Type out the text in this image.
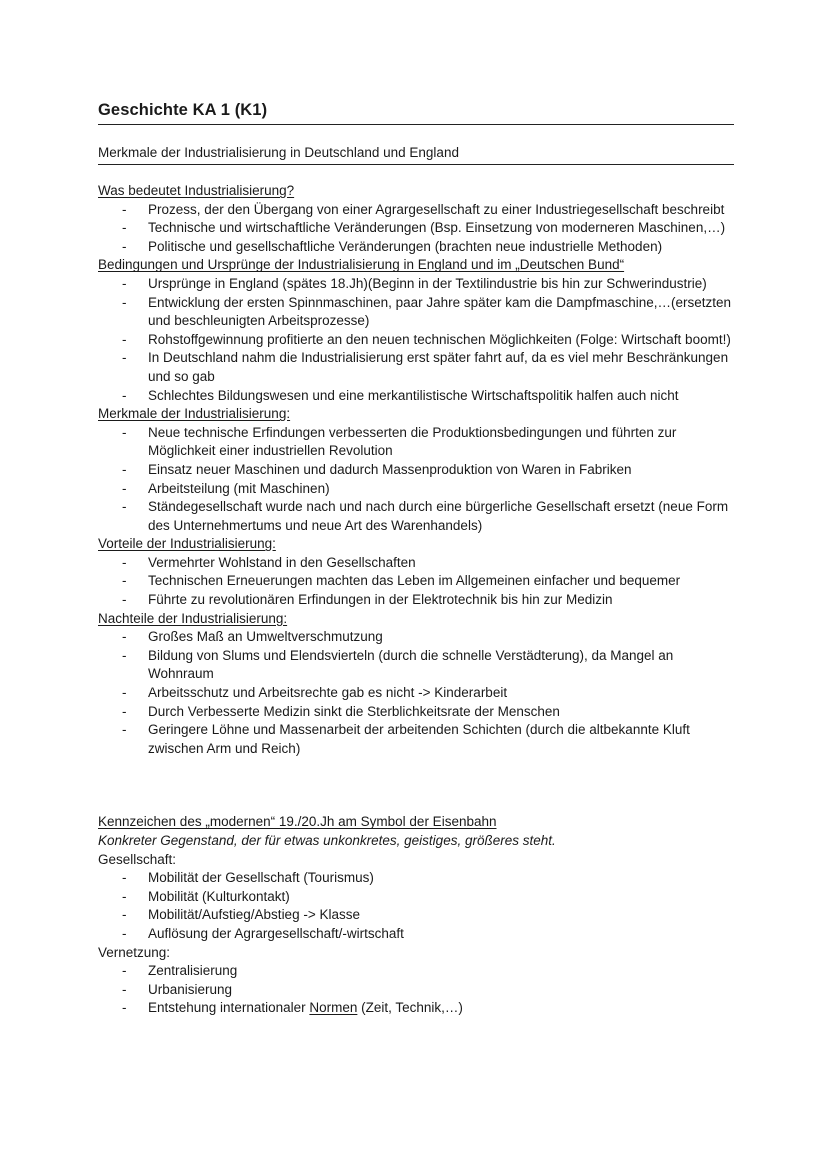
Geschichte KA 1 (K1)
Merkmale der Industrialisierung in Deutschland und England
Was bedeutet Industrialisierung?
- Prozess, der den Übergang von einer Agrargesellschaft zu einer Industriegesellschaft beschreibt
- Technische und wirtschaftliche Veränderungen (Bsp. Einsetzung von moderneren Maschinen,…)
- Politische und gesellschaftliche Veränderungen (brachten neue industrielle Methoden)
Bedingungen und Ursprünge der Industrialisierung in England und im „Deutschen Bund“
- Ursprünge in England (spätes 18.Jh)(Beginn in der Textilindustrie bis hin zur Schwerindustrie)
- Entwicklung der ersten Spinnmaschinen, paar Jahre später kam die Dampfmaschine,…(ersetzten und beschleunigten Arbeitsprozesse)
- Rohstoffgewinnung profitierte an den neuen technischen Möglichkeiten (Folge: Wirtschaft boomt!)
- In Deutschland nahm die Industrialisierung erst später fahrt auf, da es viel mehr Beschränkungen und so gab
- Schlechtes Bildungswesen und eine merkantilistische Wirtschaftspolitik halfen auch nicht
Merkmale der Industrialisierung:
- Neue technische Erfindungen verbesserten die Produktionsbedingungen und führten zur Möglichkeit einer industriellen Revolution
- Einsatz neuer Maschinen und dadurch Massenproduktion von Waren in Fabriken
- Arbeitsteilung (mit Maschinen)
- Ständegesellschaft wurde nach und nach durch eine bürgerliche Gesellschaft ersetzt (neue Form des Unternehmertums und neue Art des Warenhandels)
Vorteile der Industrialisierung:
- Vermehrter Wohlstand in den Gesellschaften
- Technischen Erneuerungen machten das Leben im Allgemeinen einfacher und bequemer
- Führte zu revolutionären Erfindungen in der Elektrotechnik bis hin zur Medizin
Nachteile der Industrialisierung:
- Großes Maß an Umweltverschmutzung
- Bildung von Slums und Elendsvierteln (durch die schnelle Verstädterung), da Mangel an Wohnraum
- Arbeitsschutz und Arbeitsrechte gab es nicht -> Kinderarbeit
- Durch Verbesserte Medizin sinkt die Sterblichkeitsrate der Menschen
- Geringere Löhne und Massenarbeit der arbeitenden Schichten (durch die altbekannte Kluft zwischen Arm und Reich)
Kennzeichen des „modernen“ 19./20.Jh am Symbol der Eisenbahn
Konkreter Gegenstand, der für etwas unkonkretes, geistiges, größeres steht.
Gesellschaft:
- Mobilität der Gesellschaft (Tourismus)
- Mobilität (Kulturkontakt)
- Mobilität/Aufstieg/Abstieg -> Klasse
- Auflösung der Agrargesellschaft/-wirtschaft
Vernetzung:
- Zentralisierung
- Urbanisierung
- Entstehung internationaler Normen (Zeit, Technik,…)
